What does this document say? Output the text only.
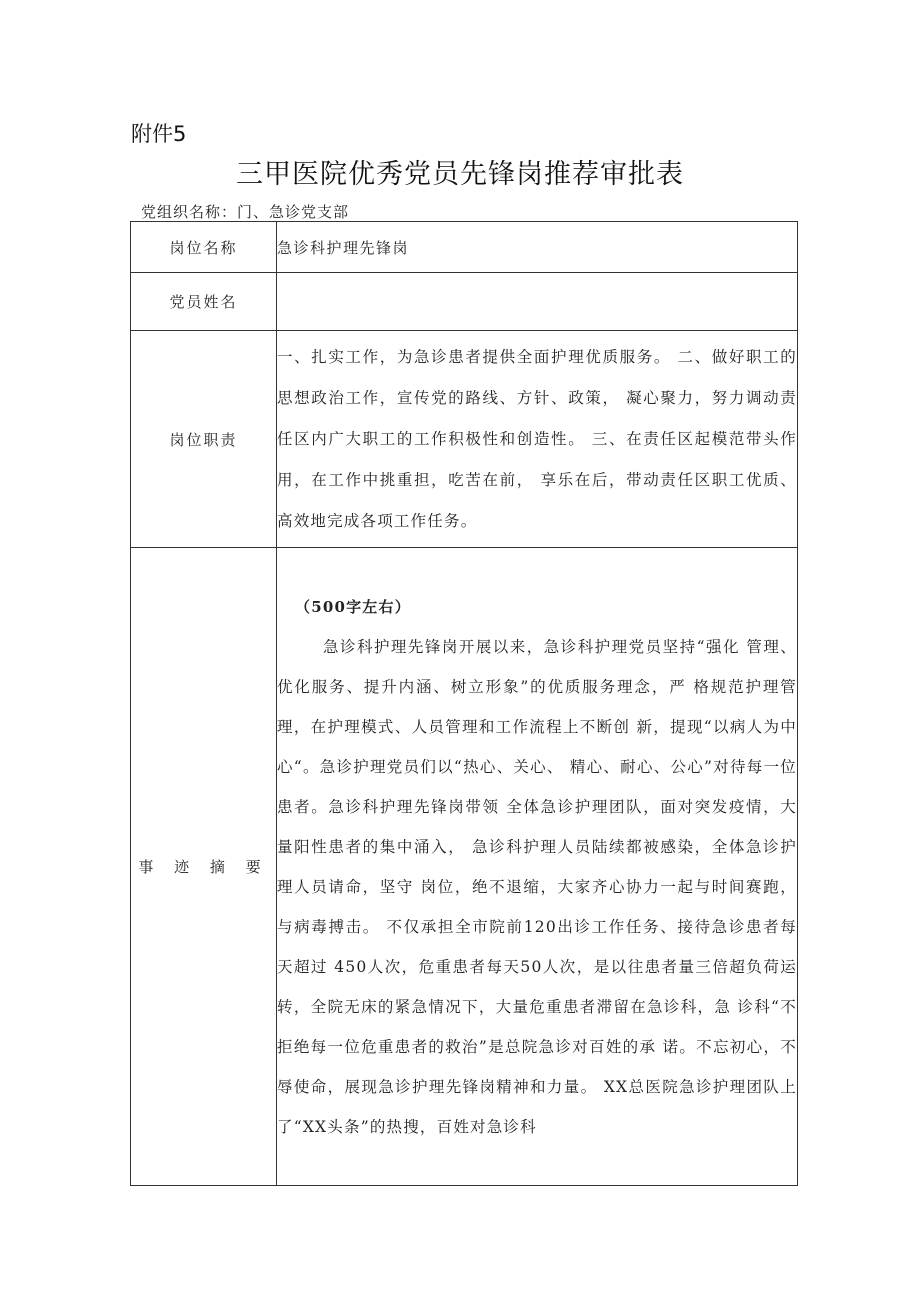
附件5
三甲医院优秀党员先锋岗推荐审批表
党组织名称：门、急诊党支部
岗位名称	急诊科护理先锋岗
党员姓名	
岗位职责	一、扎实工作，为急诊患者提供全面护理优质服务。 二、做好职工的思想政治工作，宣传党的路线、方针、政策， 凝心聚力，努力调动责任区内广大职工的工作积极性和创造性。 三、在责任区起模范带头作用，在工作中挑重担，吃苦在前， 享乐在后，带动责任区职工优质、高效地完成各项工作任务。
事 迹 摘 要	（500字左右）
急诊科护理先锋岗开展以来，急诊科护理党员坚持“强化 管理、优化服务、提升内涵、树立形象”的优质服务理念，严 格规范护理管理，在护理模式、人员管理和工作流程上不断创 新，提现“以病人为中心“。急诊护理党员们以“热心、关心、 精心、耐心、公心”对待每一位患者。急诊科护理先锋岗带领 全体急诊护理团队，面对突发疫情，大量阳性患者的集中涌入， 急诊科护理人员陆续都被感染，全体急诊护理人员请命，坚守 岗位，绝不退缩，大家齐心协力一起与时间赛跑，与病毒搏击。 不仅承担全市院前120出诊工作任务、接待急诊患者每天超过 450人次，危重患者每天50人次，是以往患者量三倍超负荷运 转，全院无床的紧急情况下，大量危重患者滞留在急诊科，急 诊科“不拒绝每一位危重患者的救治”是总院急诊对百姓的承 诺。不忘初心，不辱使命，展现急诊护理先锋岗精神和力量。 XX总医院急诊护理团队上了“XX头条”的热搜，百姓对急诊科
